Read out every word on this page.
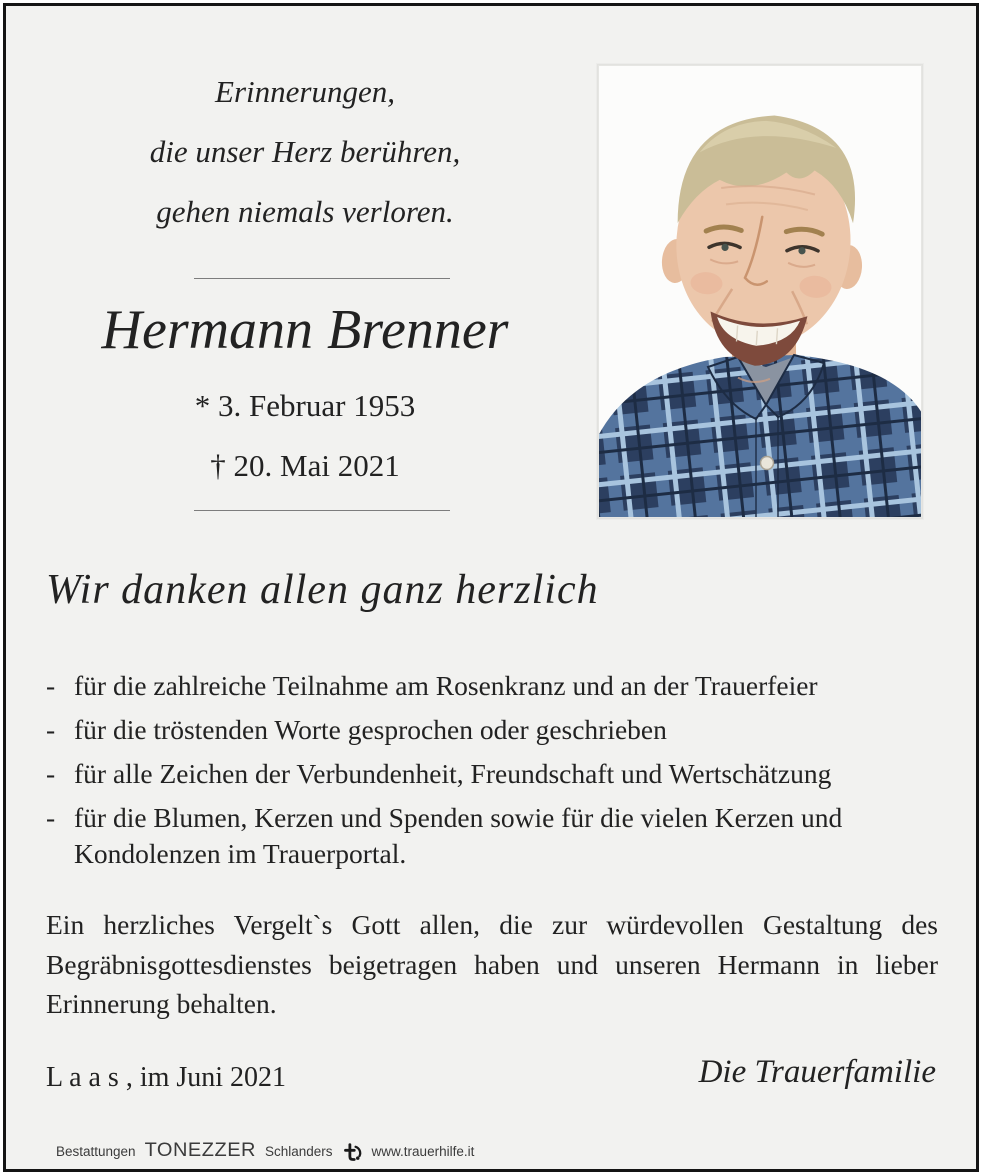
Erinnerungen,
die unser Herz berühren,
gehen niemals verloren.
Hermann Brenner
* 3. Februar 1953
† 20. Mai 2021
Wir danken allen ganz herzlich
- für die zahlreiche Teilnahme am Rosenkranz und an der Trauerfeier
- für die tröstenden Worte gesprochen oder geschrieben
- für alle Zeichen der Verbundenheit, Freundschaft und Wertschätzung
- für die Blumen, Kerzen und Spenden sowie für die vielen Kerzen und Kondolenzen im Trauerportal.
Ein herzliches Vergelt`s Gott allen, die zur würdevollen Gestaltung des Begräbnisgottesdienstes beigetragen haben und unseren Hermann in lieber Erinnerung behalten.
L a a s , im Juni 2021	Die Trauerfamilie
Bestattungen TONEZZER Schlanders	www.trauerhilfe.it
